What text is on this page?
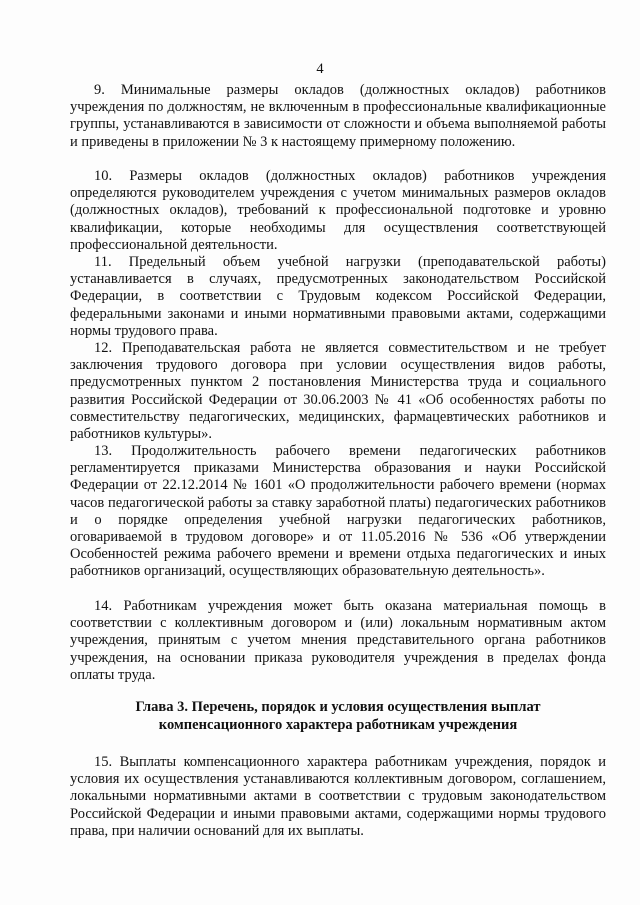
4

9. Минимальные размеры окладов (должностных окладов) работников учреждения по должностям, не включенным в профессиональные квалификационные группы, устанавливаются в зависимости от сложности и объема выполняемой работы и приведены в приложении № 3 к настоящему примерному положению.

10. Размеры окладов (должностных окладов) работников учреждения определяются руководителем учреждения с учетом минимальных размеров окладов (должностных окладов), требований к профессиональной подготовке и уровню квалификации, которые необходимы для осуществления соответствующей профессиональной деятельности.

11. Предельный объем учебной нагрузки (преподавательской работы) устанавливается в случаях, предусмотренных законодательством Российской Федерации, в соответствии с Трудовым кодексом Российской Федерации, федеральными законами и иными нормативными правовыми актами, содержащими нормы трудового права.

12. Преподавательская работа не является совместительством и не требует заключения трудового договора при условии осуществления видов работы, предусмотренных пунктом 2 постановления Министерства труда и социального развития Российской Федерации от 30.06.2003 № 41 «Об особенностях работы по совместительству педагогических, медицинских, фармацевтических работников и работников культуры».

13. Продолжительность рабочего времени педагогических работников регламентируется приказами Министерства образования и науки Российской Федерации от 22.12.2014 № 1601 «О продолжительности рабочего времени (нормах часов педагогической работы за ставку заработной платы) педагогических работников и о порядке определения учебной нагрузки педагогических работников, оговариваемой в трудовом договоре» и от 11.05.2016 № 536 «Об утверждении Особенностей режима рабочего времени и времени отдыха педагогических и иных работников организаций, осуществляющих образовательную деятельность».

14. Работникам учреждения может быть оказана материальная помощь в соответствии с коллективным договором и (или) локальным нормативным актом учреждения, принятым с учетом мнения представительного органа работников учреждения, на основании приказа руководителя учреждения в пределах фонда оплаты труда.

Глава 3. Перечень, порядок и условия осуществления выплат
компенсационного характера работникам учреждения

15. Выплаты компенсационного характера работникам учреждения, порядок и условия их осуществления устанавливаются коллективным договором, соглашением, локальными нормативными актами в соответствии с трудовым законодательством Российской Федерации и иными правовыми актами, содержащими нормы трудового права, при наличии оснований для их выплаты.
